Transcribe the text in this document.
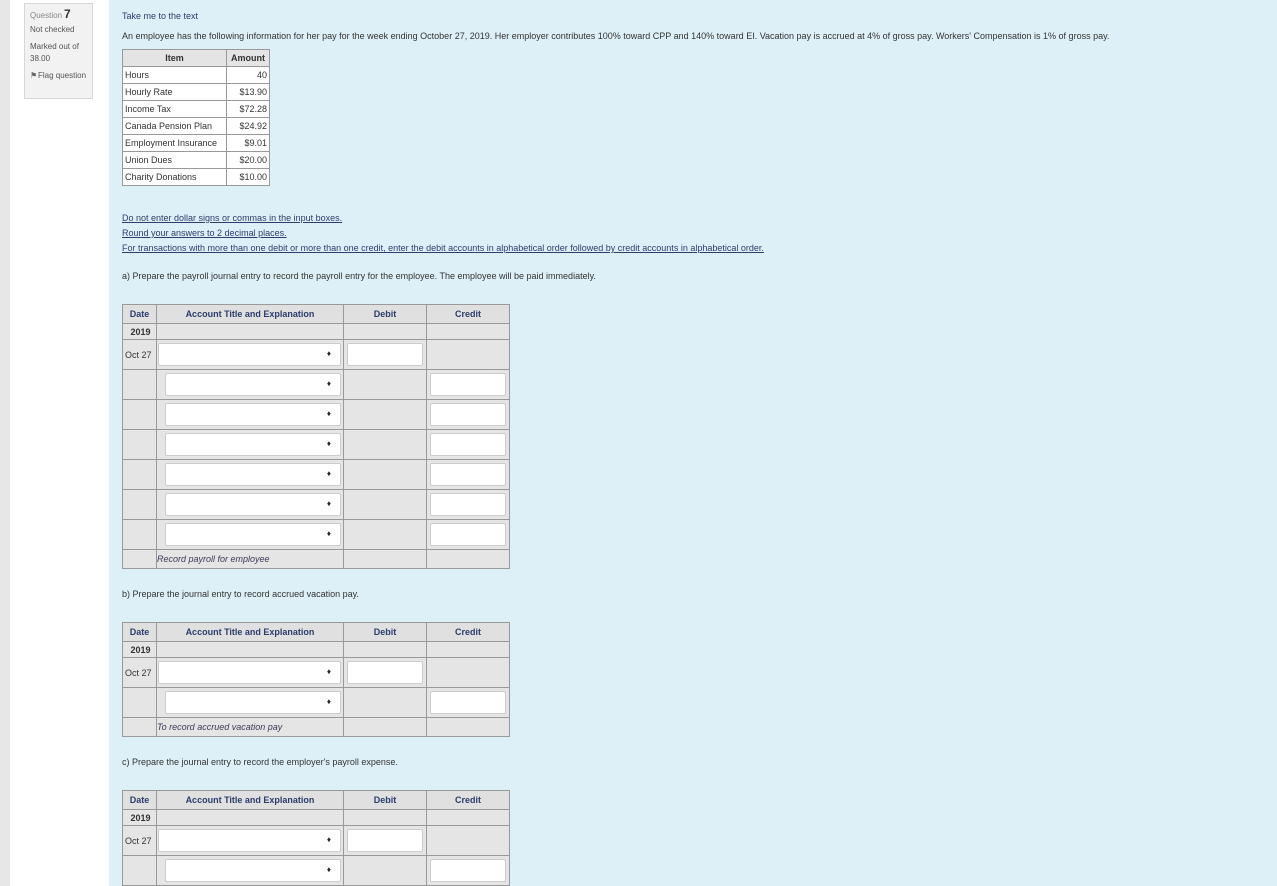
Question 7
Not checked
Marked out of 38.00
⚑ Flag question
Take me to the text
An employee has the following information for her pay for the week ending October 27, 2019. Her employer contributes 100% toward CPP and 140% toward EI. Vacation pay is accrued at 4% of gross pay. Workers' Compensation is 1% of gross pay.
Item	Amount
Hours	40
Hourly Rate	$13.90
Income Tax	$72.28
Canada Pension Plan	$24.92
Employment Insurance	$9.01
Union Dues	$20.00
Charity Donations	$10.00
Do not enter dollar signs or commas in the input boxes.
Round your answers to 2 decimal places.
For transactions with more than one debit or more than one credit, enter the debit accounts in alphabetical order followed by credit accounts in alphabetical order.
a) Prepare the payroll journal entry to record the payroll entry for the employee. The employee will be paid immediately.
Date	Account Title and Explanation	Debit	Credit
2019			
Oct 27	♦		

	♦		

	♦		

	♦		

	♦		

	♦		

	♦		

	Record payroll for employee		
b) Prepare the journal entry to record accrued vacation pay.
Date	Account Title and Explanation	Debit	Credit
2019			
Oct 27	♦		

	♦		

	To record accrued vacation pay		
c) Prepare the journal entry to record the employer's payroll expense.
Date	Account Title and Explanation	Debit	Credit
2019			
Oct 27	♦		

	♦		
